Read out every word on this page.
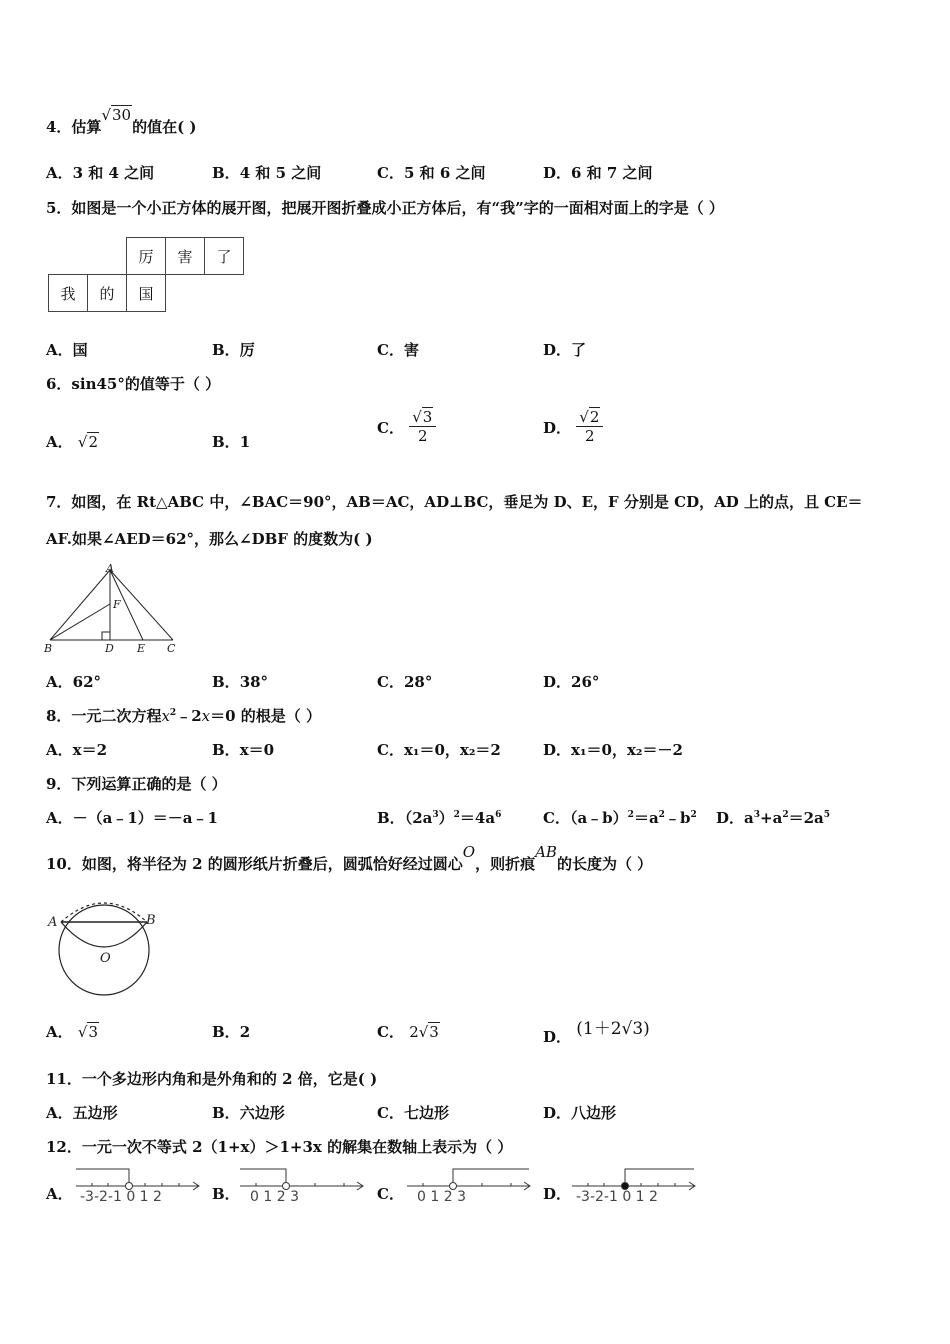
4．估算√30的值在( )
A．3 和 4 之间	B．4 和 5 之间	C．5 和 6 之间	D．6 和 7 之间
5．如图是一个小正方体的展开图，把展开图折叠成小正方体后，有“我”字的一面相对面上的字是（ ）
		厉	害	了
我	的	国		
A．国	B．厉	C．害	D．了
6．sin45°的值等于（ ）
A． √2	B．1
C． $\frac{√3}{2}$	D． $\frac{√2}{2}$
7．如图，在 Rt△ABC 中，∠BAC＝90°，AB＝AC，AD⊥BC，垂足为 D、E，F 分别是 CD，AD 上的点，且 CE＝
AF.如果∠AED＝62°，那么∠DBF 的度数为( )
A
B	D E C
F
A．62°	B．38°	C．28°	D．26°
8．一元二次方程$x^2﹣2x=0$ 的根是（ ）
A．x＝2	B．x＝0	C．x₁＝0，x₂＝2	D．x₁＝0，x₂＝－2
9．下列运算正确的是（ ）
A．－（a﹣1）＝－a﹣1	B．$(2a^3)^2=4a^6$	C．$(a﹣b)^2=a^2﹣b^2$ D．$a^3+a^2=2a^5$
10．如图，将半径为 2 的圆形纸片折叠后，圆弧恰好经过圆心O，则折痕AB的长度为（ ）
A	B
O
A． √3	B．2	C． 2√3	D． (1＋2√3)
11．一个多边形内角和是外角和的 2 倍，它是( )
A．五边形	B．六边形	C．七边形	D．八边形
12．一元一次不等式 2（1+x）＞1+3x 的解集在数轴上表示为（ ）
A． -3-2-1 0 1 2	B． 0 1 2 3	C． 0 1 2 3	D． -3-2-1 0 1 2
